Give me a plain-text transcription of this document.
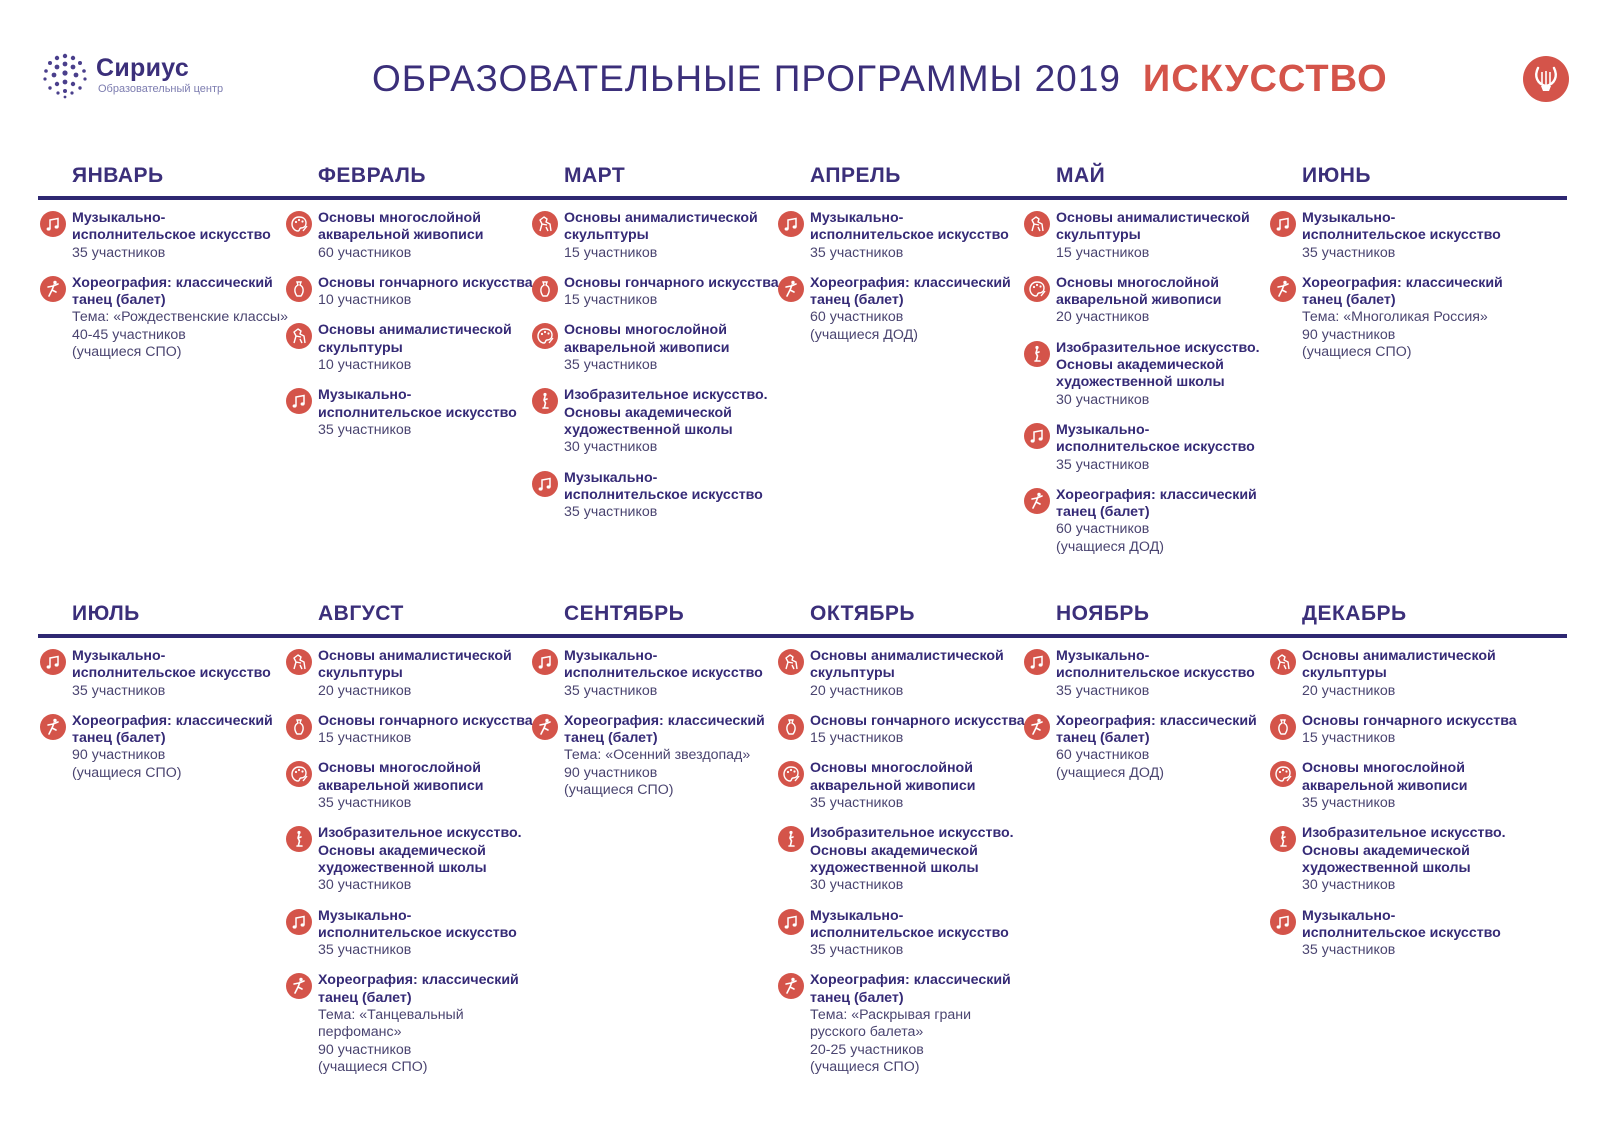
Сириус
Образовательный центр	ОБРАЗОВАТЕЛЬНЫЕ ПРОГРАММЫ 2019 ИСКУССТВО
ЯНВАРЬ
Музыкально-исполнительское искусство
35 участников
Хореография: классический танец (балет)
Тема: «Рождественские классы»
40-45 участников
(учащиеся СПО)
ФЕВРАЛЬ
Основы многослойной акварельной живописи
60 участников
Основы гончарного искусства
10 участников
Основы анималистической скульптуры
10 участников
Музыкально-исполнительское искусство
35 участников
МАРТ
Основы анималистической скульптуры
15 участников
Основы гончарного искусства
15 участников
Основы многослойной акварельной живописи
35 участников
Изобразительное искусство. Основы академической художественной школы
30 участников
Музыкально-исполнительское искусство
35 участников
АПРЕЛЬ
Музыкально-исполнительское искусство
35 участников
Хореография: классический танец (балет)
60 участников
(учащиеся ДОД)
МАЙ
Основы анималистической скульптуры
15 участников
Основы многослойной акварельной живописи
20 участников
Изобразительное искусство. Основы академической художественной школы
30 участников
Музыкально-исполнительское искусство
35 участников
Хореография: классический танец (балет)
60 участников
(учащиеся ДОД)
ИЮНЬ
Музыкально-исполнительское искусство
35 участников
Хореография: классический танец (балет)
Тема: «Многоликая Россия»
90 участников
(учащиеся СПО)
ИЮЛЬ
Музыкально-исполнительское искусство
35 участников
Хореография: классический танец (балет)
90 участников
(учащиеся СПО)
АВГУСТ
Основы анималистической скульптуры
20 участников
Основы гончарного искусства
15 участников
Основы многослойной акварельной живописи
35 участников
Изобразительное искусство. Основы академической художественной школы
30 участников
Музыкально-исполнительское искусство
35 участников
Хореография: классический танец (балет)
Тема: «Танцевальный перфоманс»
90 участников
(учащиеся СПО)
СЕНТЯБРЬ
Музыкально-исполнительское искусство
35 участников
Хореография: классический танец (балет)
Тема: «Осенний звездопад»
90 участников
(учащиеся СПО)
ОКТЯБРЬ
Основы анималистической скульптуры
20 участников
Основы гончарного искусства
15 участников
Основы многослойной акварельной живописи
35 участников
Изобразительное искусство. Основы академической художественной школы
30 участников
Музыкально-исполнительское искусство
35 участников
Хореография: классический танец (балет)
Тема: «Раскрывая грани русского балета»
20-25 участников
(учащиеся СПО)
НОЯБРЬ
Музыкально-исполнительское искусство
35 участников
Хореография: классический танец (балет)
60 участников
(учащиеся ДОД)
ДЕКАБРЬ
Основы анималистической скульптуры
20 участников
Основы гончарного искусства
15 участников
Основы многослойной акварельной живописи
35 участников
Изобразительное искусство. Основы академической художественной школы
30 участников
Музыкально-исполнительское искусство
35 участников
